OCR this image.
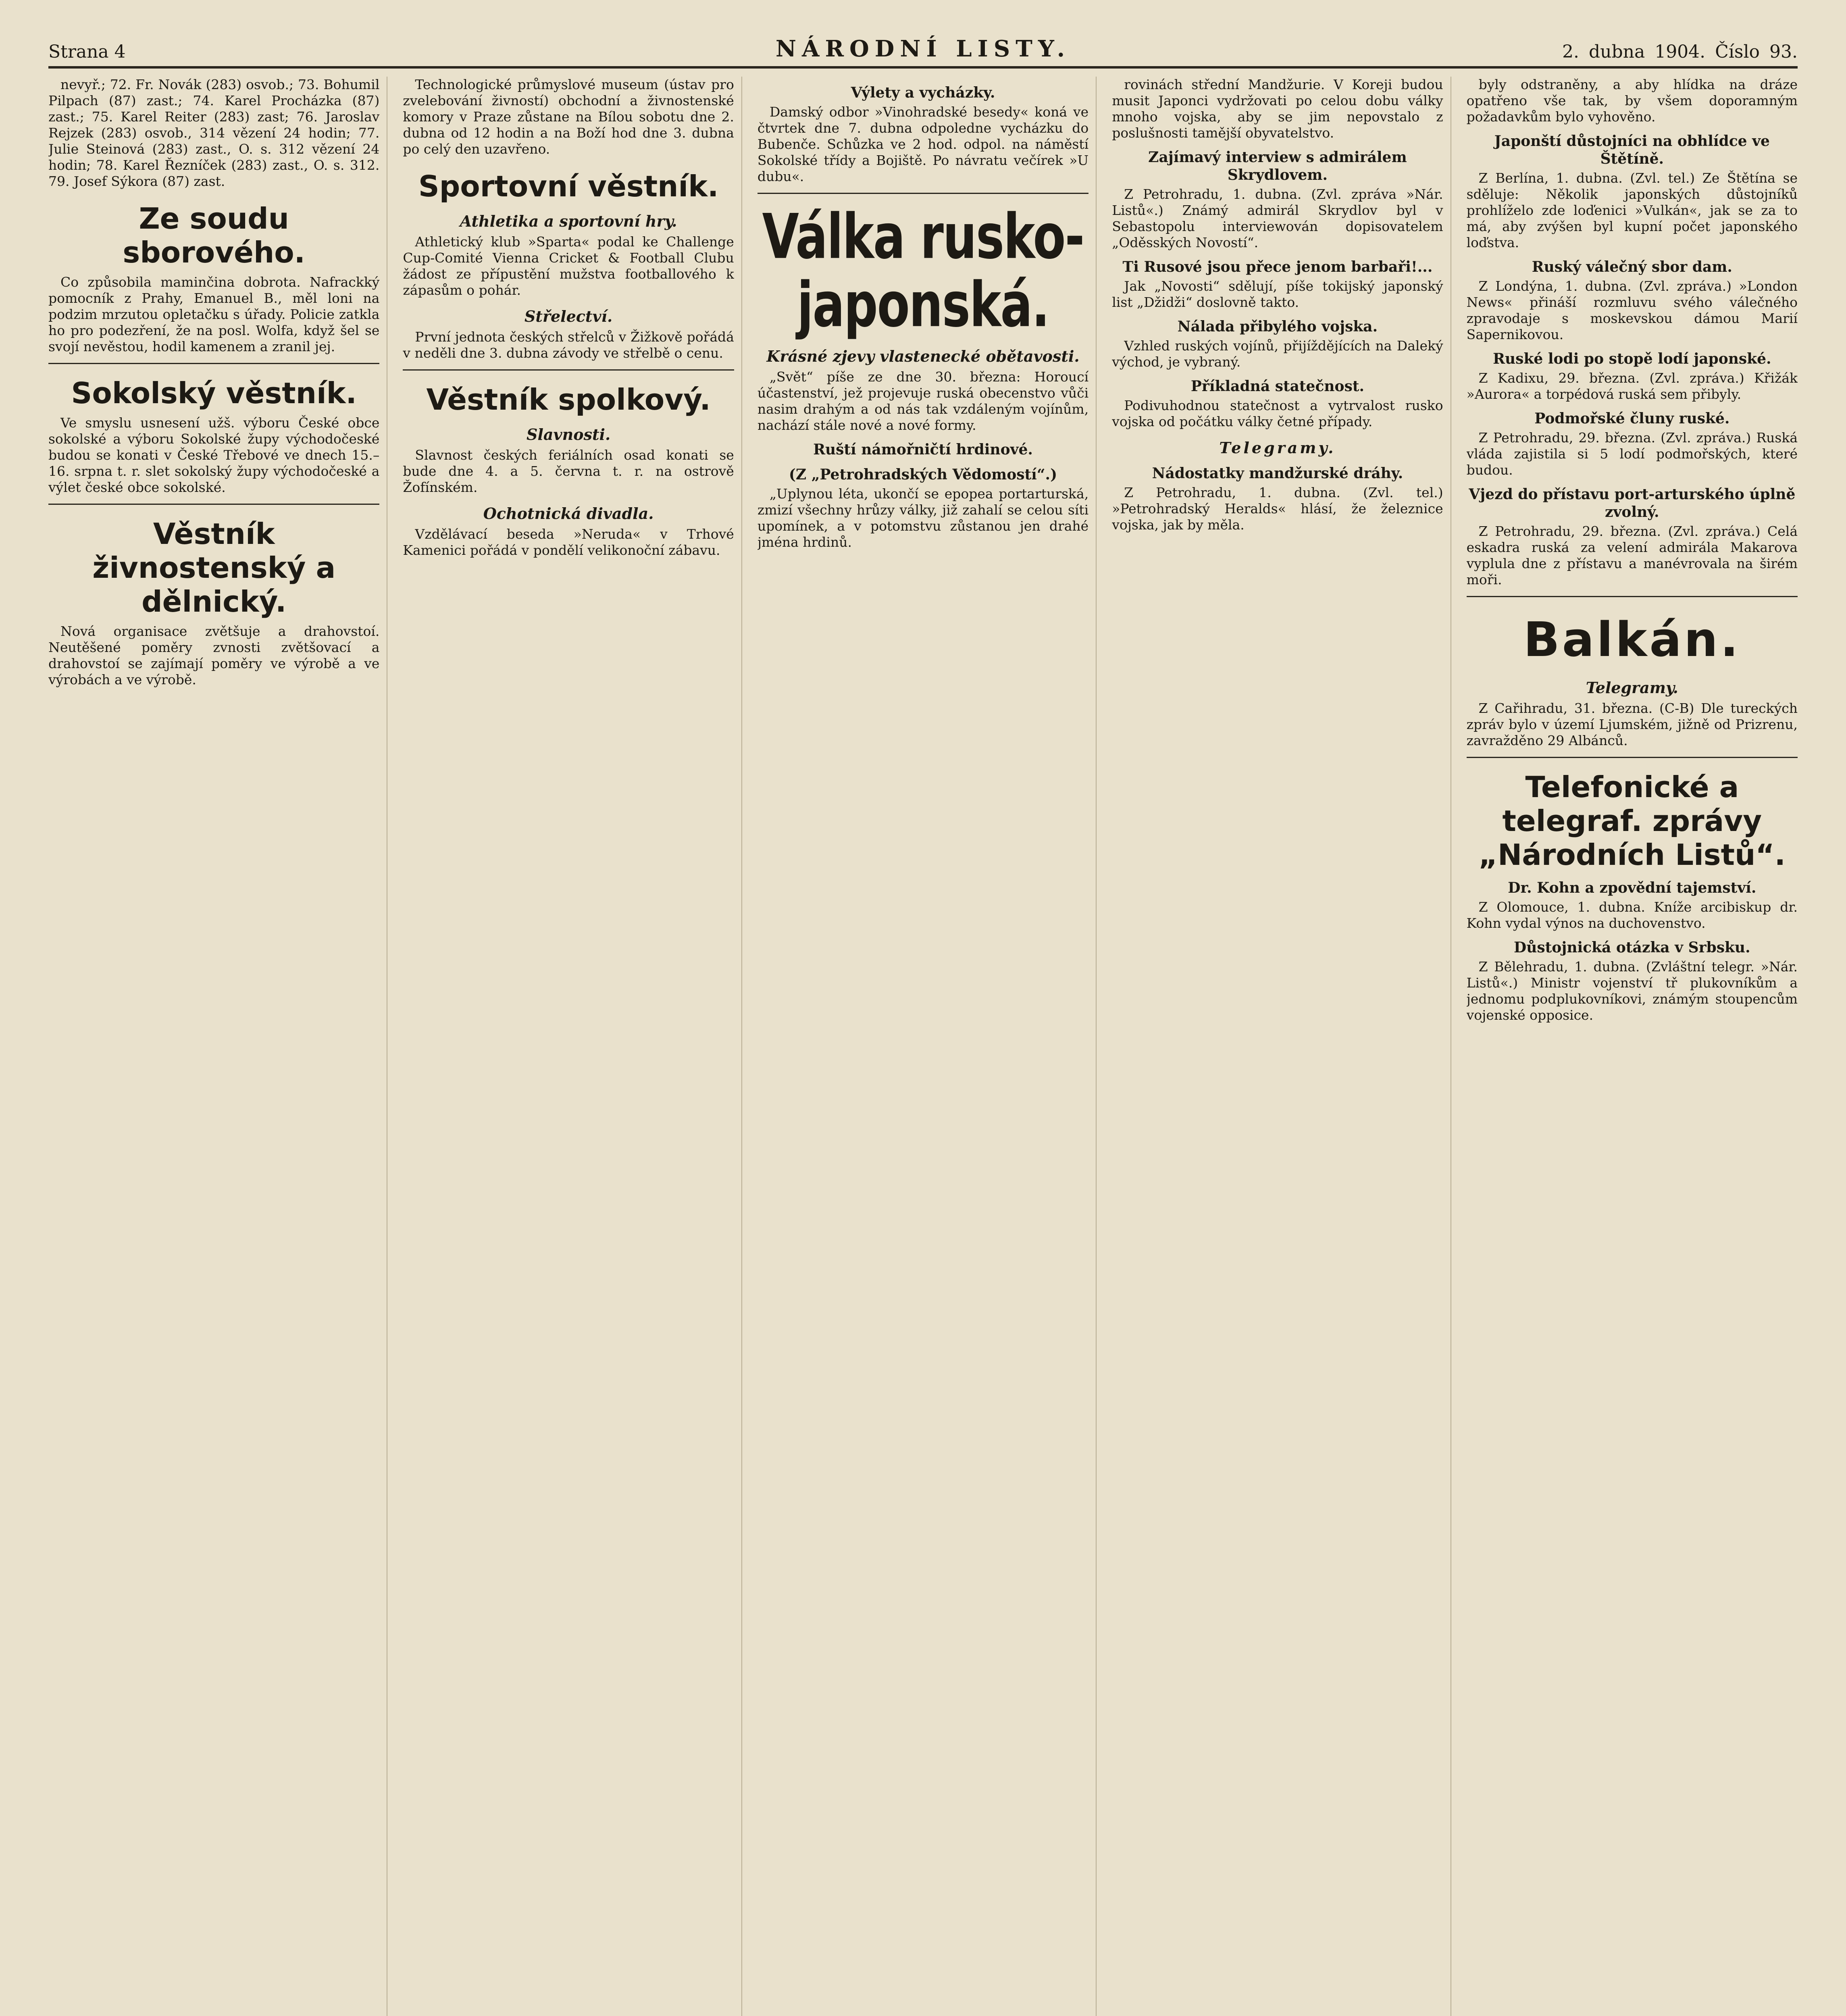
Strana 4	NÁRODNÍ LISTY.	2. dubna 1904. Číslo 93.

nevyř.; 72. Fr. Novák (283) osvob.; 73. Bohumil Pilpach (87) zast.; 74. Karel Procházka (87) zast.; 75. Karel Reiter (283) zast; 76. Jaroslav Rejzek (283) osvob., 314 vězení 24 hodin; 77. Julie Steinová (283) zast., O. s. 312 vězení 24 hodin; 78. Karel Řezníček (283) zast., O. s. 312. 79. Josef Sýkora (87) zast.

Ze soudu sborového.

Co způsobila maminčina dobrota. Nafrackký pomocník z Prahy, Emanuel B., měl loni na podzim mrzutou opletačku s úřady. Policie zatkla ho pro podezření, že na posl. Wolfa, když šel se svojí nevěstou, hodil kamenem a zranil jej.

Sokolský věstník.

Ve smyslu usnesení užš. výboru České obce sokolské a výboru Sokolské župy východočeské budou se konati v České Třebové ve dnech 15.–16. srpna t. r. slet sokolský župy východočeské a výlet české obce sokolské.

Věstník živnostenský a dělnický.

Nová organisace zvětšuje a drahovstoí. Neutěšené poměry zvnosti zvětšovací a drahovstoí se zajímají poměry ve výrobě a ve výrobách a ve výrobě.

Technologické průmyslové museum (ústav pro zvelebování živností) obchodní a živnostenské komory v Praze zůstane na Bílou sobotu dne 2. dubna od 12 hodin a na Boží hod dne 3. dubna po celý den uzavřeno.

Sportovní věstník.
Athletika a sportovní hry.

Athletický klub »Sparta« podal ke Challenge Cup-Comité Vienna Cricket & Football Clubu žádost ze přípustění mužstva footballového k zápasům o pohár.

Střelectví.

První jednota českých střelců v Žižkově pořádá v neděli dne 3. dubna závody ve střelbě o cenu.

Věstník spolkový.
Slavnosti.

Slavnost českých feriálních osad konati se bude dne 4. a 5. června t. r. na ostrově Žofínském.

Ochotnická divadla.

Vzdělávací beseda »Neruda« v Trhové Kamenici pořádá v pondělí velikonoční zábavu.

Výlety a vycházky.

Damský odbor »Vinohradské besedy« koná ve čtvrtek dne 7. dubna odpoledne vycházku do Bubenče. Schůzka ve 2 hod. odpol. na náměstí Sokolské třídy a Bojiště. Po návratu večírek »U dubu«.

Válka rusko-japonská.
Krásné zjevy vlastenecké obětavosti.

„Svět“ píše ze dne 30. března: Horoucí účastenství, jež projevuje ruská obecenstvo vůči nasim drahým a od nás tak vzdáleným vojínům, nachází stále nové a nové formy.

Ruští námořničtí hrdinové.
(Z „Petrohradských Vědomostí“.)

„Uplynou léta, ukončí se epopea portarturská, zmizí všechny hrůzy války, již zahalí se celou síti upomínek, a v potomstvu zůstanou jen drahé jména hrdinů.

rovinách střední Mandžurie. V Koreji budou musit Japonci vydržovati po celou dobu války mnoho vojska, aby se jim nepovstalo z poslušnosti tamější obyvatelstvo.

Zajímavý interview s admirálem Skrydlovem.

Z Petrohradu, 1. dubna. (Zvl. zpráva »Nár. Listů«.) Známý admirál Skrydlov byl v Sebastopolu interviewován dopisovatelem „Oděsských Novostí“.

Ti Rusové jsou přece jenom barbaři!...

Jak „Novosti“ sdělují, píše tokijský japonský list „Džidži“ doslovně takto.

Nálada přibylého vojska.

Vzhled ruských vojínů, přijíždějících na Daleký východ, je vybraný.

Příkladná statečnost.

Podivuhodnou statečnost a vytrvalost rusko vojska od počátku války četné případy.

Telegramy.
Nádostatky mandžurské dráhy.

Z Petrohradu, 1. dubna. (Zvl. tel.) »Petrohradský Heralds« hlásí, že železnice vojska, jak by měla.

byly odstraněny, a aby hlídka na dráze opatřeno vše tak, by všem doporamným požadavkům bylo vyhověno.

Japonští důstojníci na obhlídce ve Štětíně.

Z Berlína, 1. dubna. (Zvl. tel.) Ze Štětína se sděluje: Několik japonských důstojníků prohlíželo zde loďenici »Vulkán«, jak se za to má, aby zvýšen byl kupní počet japonského loďstva.

Ruský válečný sbor dam.

Z Londýna, 1. dubna. (Zvl. zpráva.) »London News« přináší rozmluvu svého válečného zpravodaje s moskevskou dámou Marií Sapernikovou.

Ruské lodi po stopě lodí japonské.

Z Kadixu, 29. března. (Zvl. zpráva.) Křižák »Aurora« a torpédová ruská sem přibyly.

Podmořské čluny ruské.

Z Petrohradu, 29. března. (Zvl. zpráva.) Ruská vláda zajistila si 5 lodí podmořských, které budou.

Vjezd do přístavu port-arturského úplně zvolný.

Z Petrohradu, 29. března. (Zvl. zpráva.) Celá eskadra ruská za velení admirála Makarova vyplula dne z přístavu a manévrovala na širém moři.

Balkán.
Telegramy.

Z Cařihradu, 31. března. (C-B) Dle tureckých zpráv bylo v území Ljumském, jižně od Prizrenu, zavražděno 29 Albánců.

Telefonické a telegraf. zprávy „Národních Listů“.
Dr. Kohn a zpovědní tajemství.

Z Olomouce, 1. dubna. Kníže arcibiskup dr. Kohn vydal výnos na duchovenstvo.

Důstojnická otázka v Srbsku.

Z Bělehradu, 1. dubna. (Zvláštní telegr. »Nár. Listů«.) Ministr vojenství tř plukovníkům a jednomu podplukovníkovi, známým stoupencům vojenské opposice.
